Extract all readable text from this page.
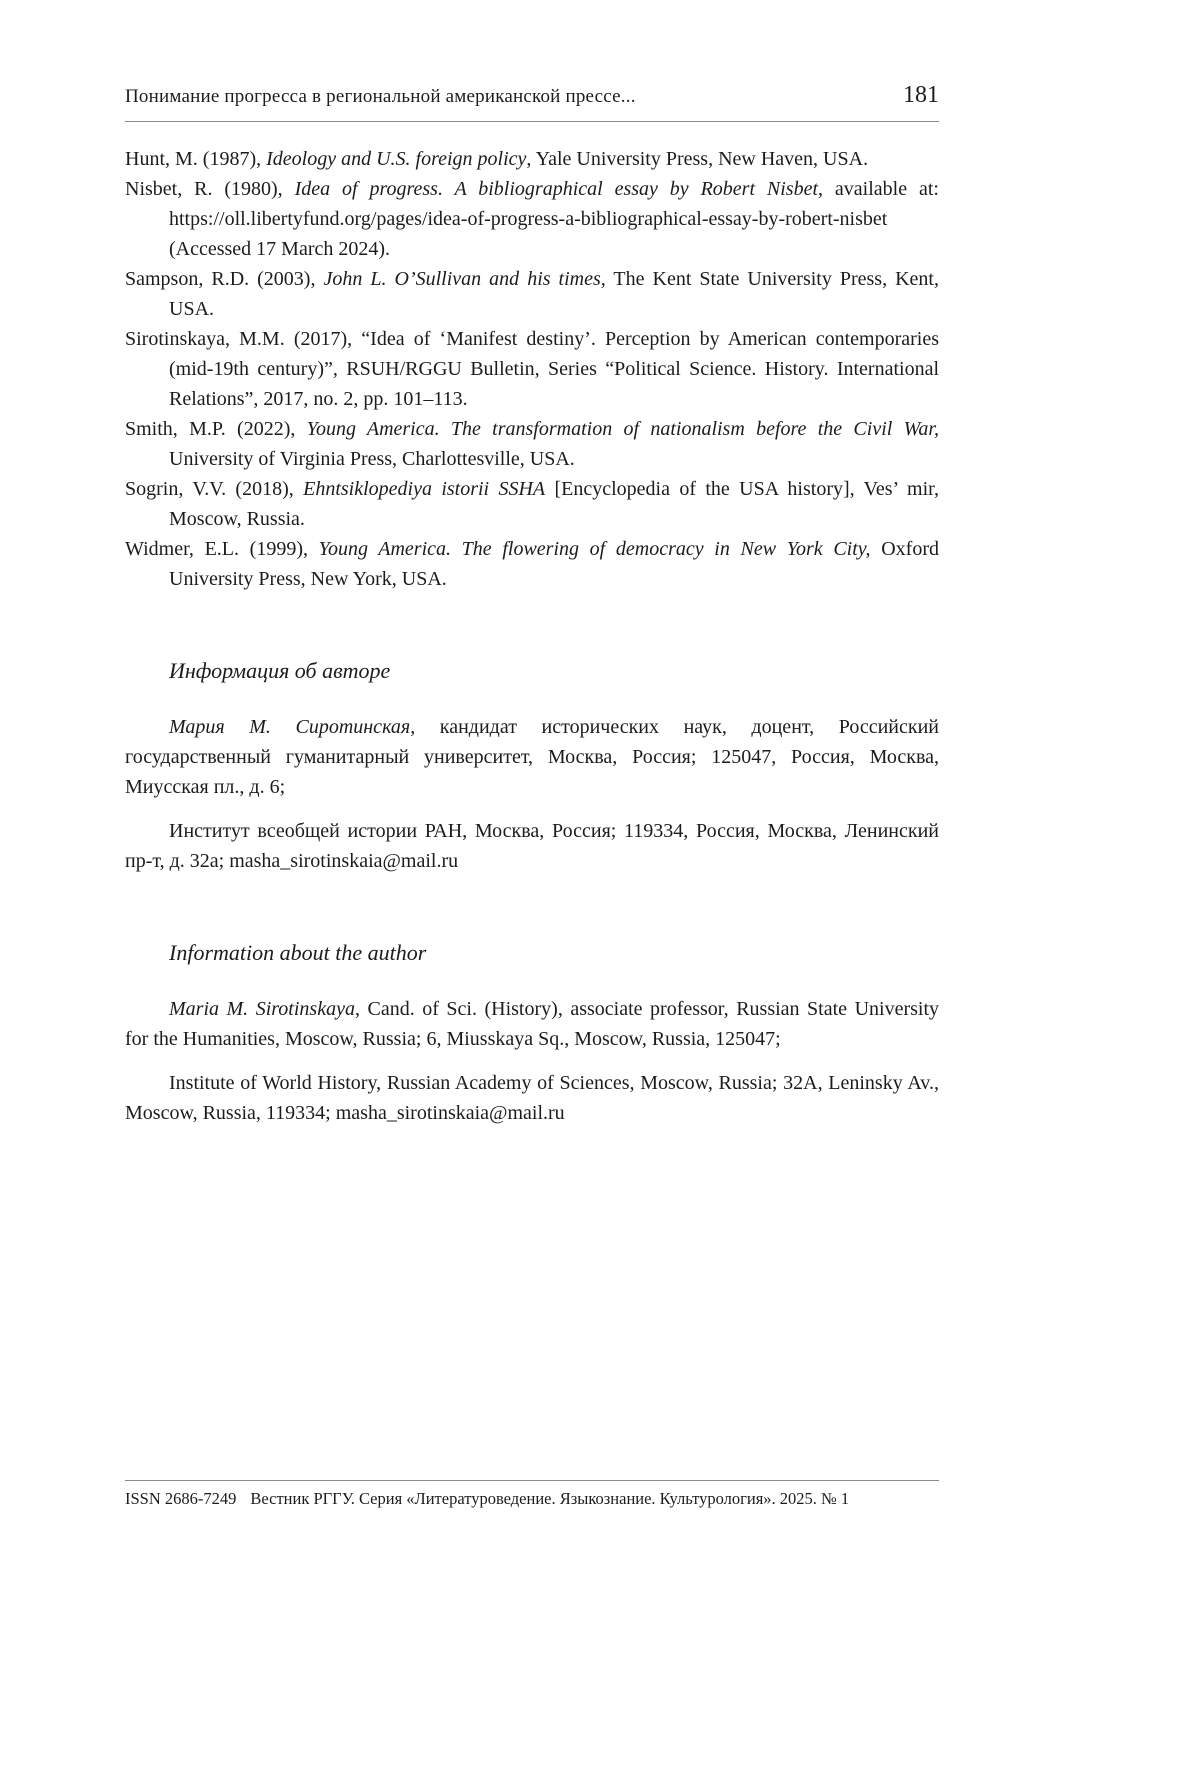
Понимание прогресса в региональной американской прессе...	181

Hunt, M. (1987), Ideology and U.S. foreign policy, Yale University Press, New Haven, USA.

Nisbet, R. (1980), Idea of progress. A bibliographical essay by Robert Nisbet, available at: https://oll.libertyfund.org/pages/idea-of-progress-a-bibliographical-essay-by-robert-nisbet (Accessed 17 March 2024).

Sampson, R.D. (2003), John L. O’Sullivan and his times, The Kent State University Press, Kent, USA.

Sirotinskaya, M.M. (2017), “Idea of ‘Manifest destiny’. Perception by American contemporaries (mid-19th century)”, RSUH/RGGU Bulletin, Series “Political Science. History. International Relations”, 2017, no. 2, pp. 101–113.

Smith, M.P. (2022), Young America. The transformation of nationalism before the Civil War, University of Virginia Press, Charlottesville, USA.

Sogrin, V.V. (2018), Ehntsiklopediya istorii SSHA [Encyclopedia of the USA history], Ves’ mir, Moscow, Russia.

Widmer, E.L. (1999), Young America. The flowering of democracy in New York City, Oxford University Press, New York, USA.

Информация об авторе

Мария М. Сиротинская, кандидат исторических наук, доцент, Российский государственный гуманитарный университет, Москва, Россия; 125047, Россия, Москва, Миусская пл., д. 6;

Институт всеобщей истории РАН, Москва, Россия; 119334, Россия, Москва, Ленинский пр-т, д. 32а; masha_sirotinskaia@mail.ru

Information about the author

Maria M. Sirotinskaya, Cand. of Sci. (History), associate professor, Russian State University for the Humanities, Moscow, Russia; 6, Miusskaya Sq., Moscow, Russia, 125047;

Institute of World History, Russian Academy of Sciences, Moscow, Russia; 32A, Leninsky Av., Moscow, Russia, 119334; masha_sirotinskaia@mail.ru

ISSN 2686-7249 Вестник РГГУ. Серия «Литературоведение. Языкознание. Культурология». 2025. № 1
